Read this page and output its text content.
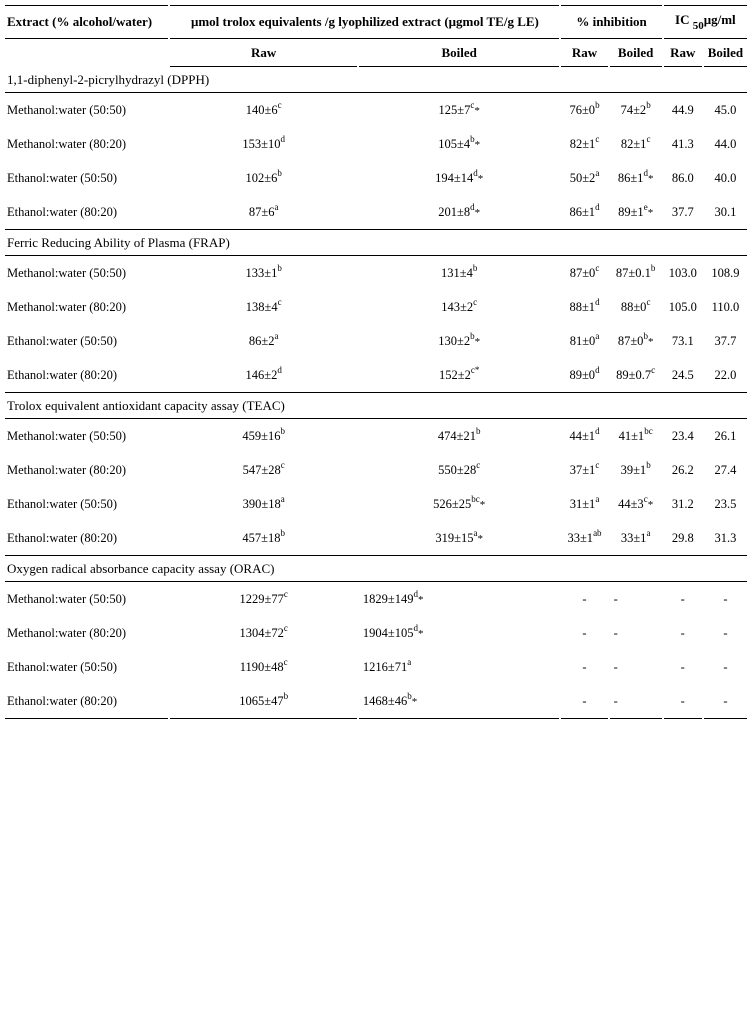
Extract (% alcohol/water)	μmol trolox equivalents /g lyophilized extract (μgmol TE/g LE)		% inhibition		IC $_{50}$μg/ml	
	Raw	Boiled	Raw	Boiled	Raw	Boiled
1,1-diphenyl-2-picrylhydrazyl (DPPH)						
Methanol:water (50:50)	$140\pm 6^c$	$125\pm 7^c*$	$76\pm 0^b$	$74\pm 2^b$	44.9	45.0
Methanol:water (80:20)	$153\pm 10^d$	$105\pm 4^b*$	$82\pm 1^c$	$82\pm 1^c$	41.3	44.0
Ethanol:water (50:50)	$102\pm 6^b$	$194\pm 14^d*$	$50\pm 2^a$	$86\pm 1^d*$	86.0	40.0
Ethanol:water (80:20)	$87\pm 6^a$	$201\pm 8^d*$	$86\pm 1^d$	$89\pm 1^e*$	37.7	30.1
Ferric Reducing Ability of Plasma (FRAP)						
Methanol:water (50:50)	$133\pm 1^b$	$131\pm 4^b$	$87\pm 0^c$	87±0.1$^b$	103.0	108.9
Methanol:water (80:20)	$138\pm 4^c$	$143\pm 2^c$	$88\pm 1^d$	$88\pm 0^c$	105.0	110.0
Ethanol:water (50:50)	$86\pm 2^a$	$130\pm 2^b*$	$81\pm 0^a$	$87\pm 0^b*$	73.1	37.7
Ethanol:water (80:20)	$146\pm 2^d$	$152\pm 2^{c*}$	$89\pm 0^d$	89±0.7$^c$	24.5	22.0
Trolox equivalent antioxidant capacity assay (TEAC)						
Methanol:water (50:50)	$459\pm 16^b$	$474\pm 21^b$	$44\pm 1^d$	$41\pm 1^{bc}$	23.4	26.1
Methanol:water (80:20)	$547\pm 28^c$	$550\pm 28^c$	$37\pm 1^c$	$39\pm 1^b$	26.2	27.4
Ethanol:water (50:50)	$390\pm 18^a$	$526\pm 25^{bc}*$	$31\pm 1^a$	$44\pm 3^c*$	31.2	23.5
Ethanol:water (80:20)	$457\pm 18^b$	$319\pm 15^a*$	$33\pm 1^{ab}$	$33\pm 1^a$	29.8	31.3
Oxygen radical absorbance capacity assay (ORAC)						
Methanol:water (50:50)	$1229\pm 77^c$	$1829\pm 149^d*$	-	-	-	-
Methanol:water (80:20)	$1304\pm 72^c$	$1904\pm 105^d*$	-	-	-	-
Ethanol:water (50:50)	$1190\pm 48^c$	$1216\pm 71^a$	-	-	-	-
Ethanol:water (80:20)	$1065\pm 47^b$	$1468\pm 46^b*$	-	-	-	-
